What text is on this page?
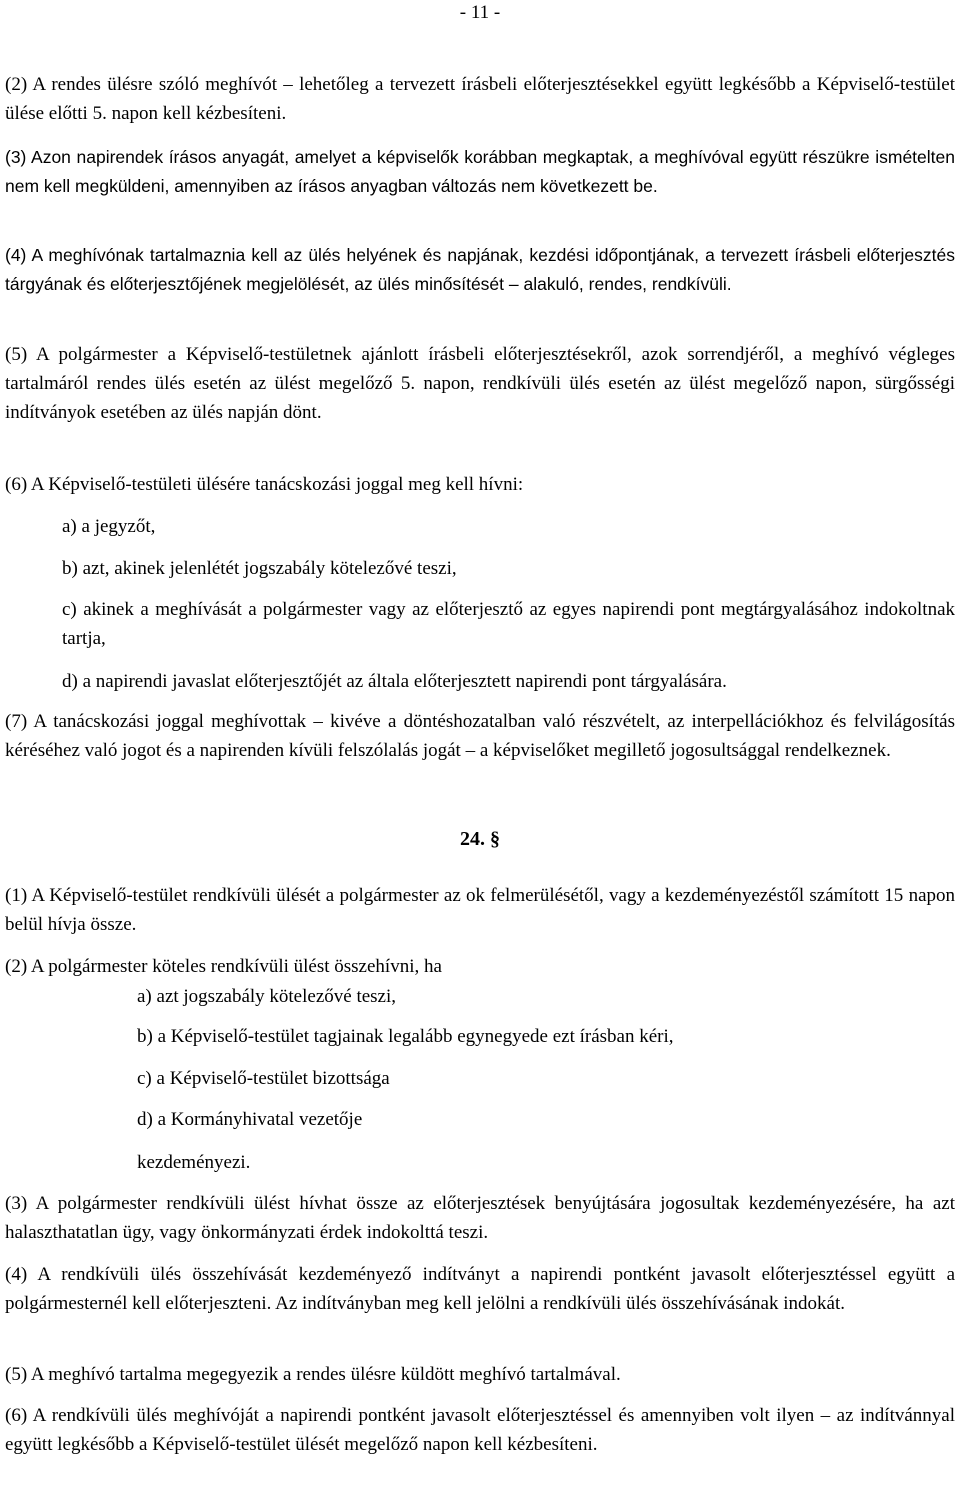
- 11 -
(2) A rendes ülésre szóló meghívót – lehetőleg a tervezett írásbeli előterjesztésekkel együtt legkésőbb a Képviselő-testület ülése előtti 5. napon kell kézbesíteni.
(3) Azon napirendek írásos anyagát, amelyet a képviselők korábban megkaptak, a meghívóval együtt részükre ismételten nem kell megküldeni, amennyiben az írásos anyagban változás nem következett be.
(4) A meghívónak tartalmaznia kell az ülés helyének és napjának, kezdési időpontjának, a tervezett írásbeli előterjesztés tárgyának és előterjesztőjének megjelölését, az ülés minősítését – alakuló, rendes, rendkívüli.
(5) A polgármester a Képviselő-testületnek ajánlott írásbeli előterjesztésekről, azok sorrendjéről, a meghívó végleges tartalmáról rendes ülés esetén az ülést megelőző 5. napon, rendkívüli ülés esetén az ülést megelőző napon, sürgősségi indítványok esetében az ülés napján dönt.
(6) A Képviselő-testületi ülésére tanácskozási joggal meg kell hívni:
a) a jegyzőt,
b) azt, akinek jelenlétét jogszabály kötelezővé teszi,
c) akinek a meghívását a polgármester vagy az előterjesztő az egyes napirendi pont megtárgyalásához indokoltnak tartja,
d) a napirendi javaslat előterjesztőjét az általa előterjesztett napirendi pont tárgyalására.
(7) A tanácskozási joggal meghívottak – kivéve a döntéshozatalban való részvételt, az interpellációkhoz és felvilágosítás kéréséhez való jogot és a napirenden kívüli felszólalás jogát – a képviselőket megillető jogosultsággal rendelkeznek.
24. §
(1) A Képviselő-testület rendkívüli ülését a polgármester az ok felmerülésétől, vagy a kezdeményezéstől számított 15 napon belül hívja össze.
(2) A polgármester köteles rendkívüli ülést összehívni, ha
a) azt jogszabály kötelezővé teszi,
b) a Képviselő-testület tagjainak legalább egynegyede ezt írásban kéri,
c) a Képviselő-testület bizottsága
d) a Kormányhivatal vezetője
kezdeményezi.
(3) A polgármester rendkívüli ülést hívhat össze az előterjesztések benyújtására jogosultak kezdeményezésére, ha azt halaszthatatlan ügy, vagy önkormányzati érdek indokolttá teszi.
(4) A rendkívüli ülés összehívását kezdeményező indítványt a napirendi pontként javasolt előterjesztéssel együtt a polgármesternél kell előterjeszteni. Az indítványban meg kell jelölni a rendkívüli ülés összehívásának indokát.
(5) A meghívó tartalma megegyezik a rendes ülésre küldött meghívó tartalmával.
(6) A rendkívüli ülés meghívóját a napirendi pontként javasolt előterjesztéssel és amennyiben volt ilyen – az indítvánnyal együtt legkésőbb a Képviselő-testület ülését megelőző napon kell kézbesíteni.
